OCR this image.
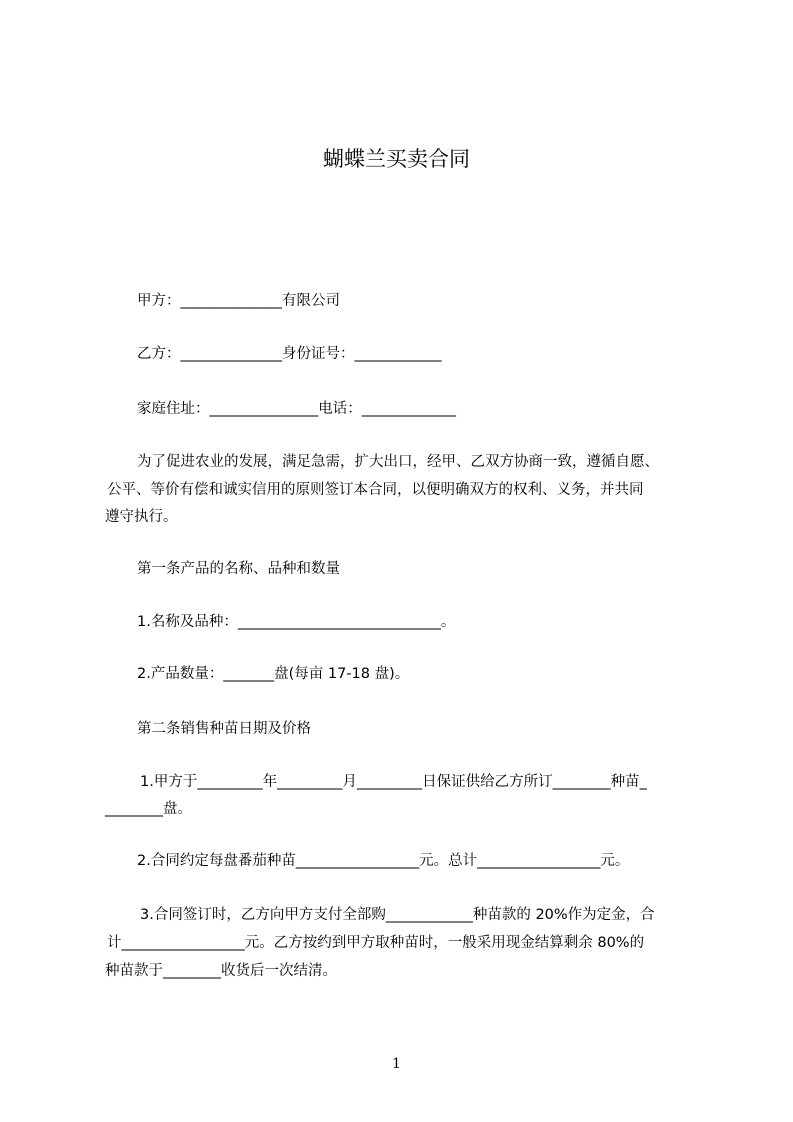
蝴蝶兰买卖合同
甲方：______________有限公司
乙方：______________身份证号：____________
家庭住址：_______________电话：_____________
为了促进农业的发展，满足急需，扩大出口，经甲、乙双方协商一致，遵循自愿、
公平、等价有偿和诚实信用的原则签订本合同，以便明确双方的权利、义务，并共同
遵守执行。
第一条产品的名称、品种和数量
1.名称及品种：____________________________。
2.产品数量：_______盘(每亩 17-18 盘)。
第二条销售种苗日期及价格
1.甲方于_________年_________月_________日保证供给乙方所订________种苗_
________盘。
2.合同约定每盘番茄种苗_________________元。总计_________________元。
3.合同签订时，乙方向甲方支付全部购____________种苗款的 20%作为定金，合
计_________________元。乙方按约到甲方取种苗时，一般采用现金结算剩余 80%的
种苗款于________收货后一次结清。
1
